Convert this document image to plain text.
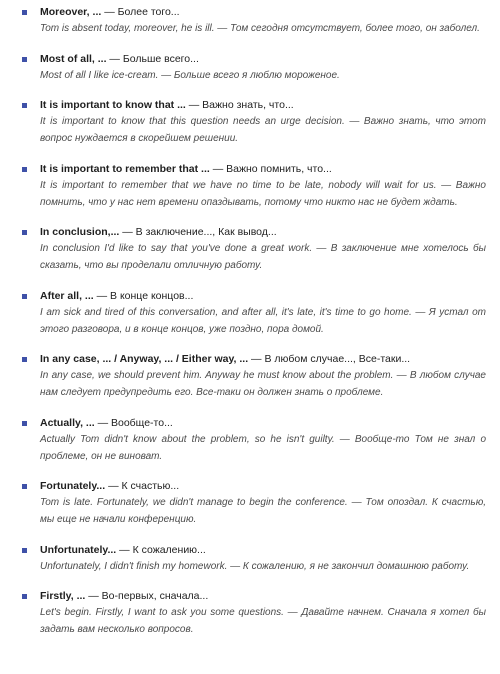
Moreover, ... — Более того...
Tom is absent today, moreover, he is ill. — Том сегодня отсутствует, более того, он заболел.
Most of all, ... — Больше всего...
Most of all I like ice-cream. — Больше всего я люблю мороженое.
It is important to know that ... — Важно знать, что...
It is important to know that this question needs an urge decision. — Важно знать, что этот вопрос нуждается в скорейшем решении.
It is important to remember that ... — Важно помнить, что...
It is important to remember that we have no time to be late, nobody will wait for us. — Важно помнить, что у нас нет времени опаздывать, потому что никто нас не будет ждать.
In conclusion,... — В заключение..., Как вывод...
In conclusion I'd like to say that you've done a great work. — В заключение мне хотелось бы сказать, что вы проделали отличную работу.
After all, ... — В конце концов...
I am sick and tired of this conversation, and after all, it's late, it's time to go home. — Я устал от этого разговора, и в конце концов, уже поздно, пора домой.
In any case, ... / Anyway, ... / Either way, ... — В любом случае..., Все-таки...
In any case, we should prevent him. Anyway he must know about the problem. — В любом случае нам следует предупредить его. Все-таки он должен знать о проблеме.
Actually, ... — Вообще-то...
Actually Tom didn't know about the problem, so he isn't guilty. — Вообще-то Том не знал о проблеме, он не виноват.
Fortunately... — К счастью...
Tom is late. Fortunately, we didn't manage to begin the conference. — Том опоздал. К счастью, мы еще не начали конференцию.
Unfortunately... — К сожалению...
Unfortunately, I didn't finish my homework. — К сожалению, я не закончил домашнюю работу.
Firstly, ... — Во-первых, сначала...
Let's begin. Firstly, I want to ask you some questions. — Давайте начнем. Сначала я хотел бы задать вам несколько вопросов.
